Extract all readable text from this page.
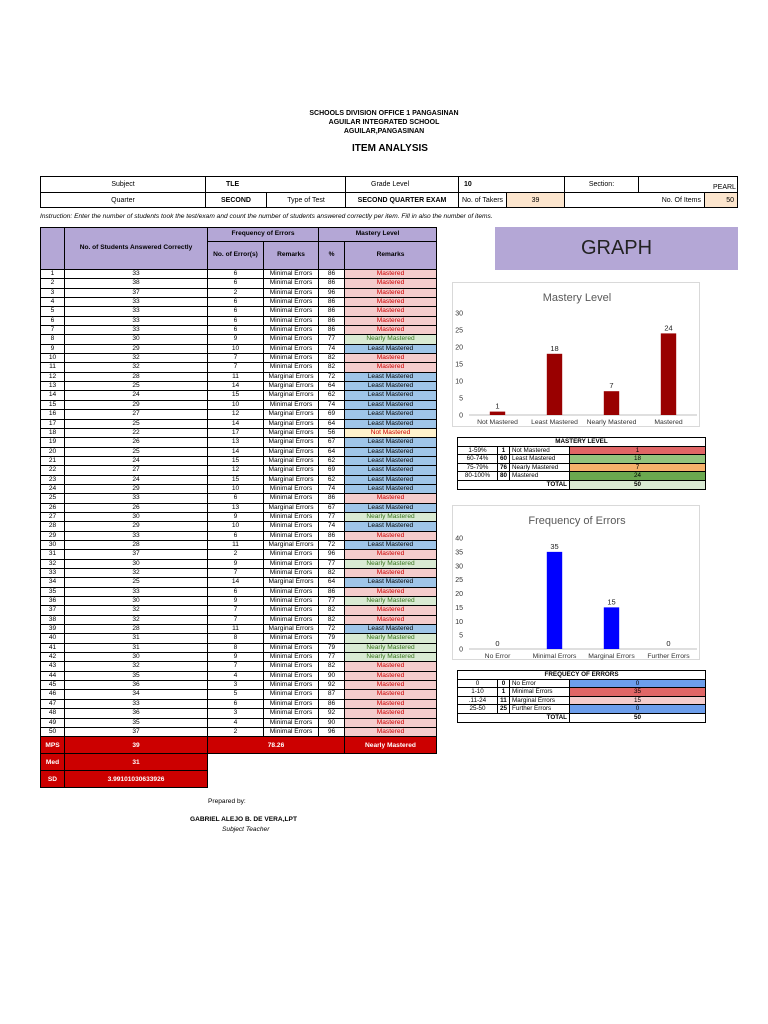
SCHOOLS DIVISION OFFICE 1 PANGASINAN
AGUILAR INTEGRATED SCHOOL
AGUILAR,PANGASINAN
ITEM ANALYSIS
Subject	TLE	Grade Level	10	Section:	PEARL
Quarter	SECOND	Type of Test	SECOND QUARTER EXAM	No. of Takers	39	No. Of Items	50
Instruction: Enter the number of students took the test/exam and count the number of students answered correctly per item. Fill in also the number of items.
	No. of Students Answered Correctly	Frequency of Errors		Mastery Level	
		No. of Error(s)	Remarks	%	Remarks
1	33	6	Minimal Errors	86	Mastered
2	38	6	Minimal Errors	86	Mastered
3	37	2	Minimal Errors	96	Mastered
4	33	6	Minimal Errors	86	Mastered
5	33	6	Minimal Errors	86	Mastered
6	33	6	Minimal Errors	86	Mastered
7	33	6	Minimal Errors	86	Mastered
8	30	9	Minimal Errors	77	Nearly Mastered
9	29	10	Minimal Errors	74	Least Mastered
10	32	7	Minimal Errors	82	Mastered
11	32	7	Minimal Errors	82	Mastered
12	28	11	Marginal Errors	72	Least Mastered
13	25	14	Marginal Errors	64	Least Mastered
14	24	15	Marginal Errors	62	Least Mastered
15	29	10	Minimal Errors	74	Least Mastered
16	27	12	Marginal Errors	69	Least Mastered
17	25	14	Marginal Errors	64	Least Mastered
18	22	17	Marginal Errors	56	Not Mastered
19	26	13	Marginal Errors	67	Least Mastered
20	25	14	Marginal Errors	64	Least Mastered
21	24	15	Marginal Errors	62	Least Mastered
22	27	12	Marginal Errors	69	Least Mastered
23	24	15	Marginal Errors	62	Least Mastered
24	29	10	Minimal Errors	74	Least Mastered
25	33	6	Minimal Errors	86	Mastered
26	26	13	Marginal Errors	67	Least Mastered
27	30	9	Minimal Errors	77	Nearly Mastered
28	29	10	Minimal Errors	74	Least Mastered
29	33	6	Minimal Errors	86	Mastered
30	28	11	Marginal Errors	72	Least Mastered
31	37	2	Minimal Errors	96	Mastered
32	30	9	Minimal Errors	77	Nearly Mastered
33	32	7	Minimal Errors	82	Mastered
34	25	14	Marginal Errors	64	Least Mastered
35	33	6	Minimal Errors	86	Mastered
36	30	9	Minimal Errors	77	Nearly Mastered
37	32	7	Minimal Errors	82	Mastered
38	32	7	Minimal Errors	82	Mastered
39	28	11	Marginal Errors	72	Least Mastered
40	31	8	Minimal Errors	79	Nearly Mastered
41	31	8	Minimal Errors	79	Nearly Mastered
42	30	9	Minimal Errors	77	Nearly Mastered
43	32	7	Minimal Errors	82	Mastered
44	35	4	Minimal Errors	90	Mastered
45	36	3	Minimal Errors	92	Mastered
46	34	5	Minimal Errors	87	Mastered
47	33	6	Minimal Errors	86	Mastered
48	36	3	Minimal Errors	92	Mastered
49	35	4	Minimal Errors	90	Mastered
50	37	2	Minimal Errors	96	Mastered
MPS	39	78.26	Nearly Mastered
Med	31		
SD	3.99101030633926		
GRAPH
Mastery Level
0
5
10
15
20
25
30
1
Not Mastered
18
Least Mastered
7
Nearly Mastered
24
Mastered
MASTERY LEVEL			
1-59%	1	Not Mastered	1
60-74%	60	Least Mastered	18
75-79%	76	Nearly Mastered	7
80-100%	80	Mastered	24
TOTAL			50
Frequency of Errors
0
5
10
15
20
25
30
35
40
0
No Error
35
Minimal Errors
15
Marginal Errors
0
Further Errors
FREQUECY OF ERRORS			
0	0	No Error	0
1-10	1	Minimal Errors	35
.11-24	11	Marginal Errors	15
25-50	25	Further Errors	0
TOTAL			50
Prepared by:
GABRIEL ALEJO B. DE VERA,LPT
Subject Teacher
